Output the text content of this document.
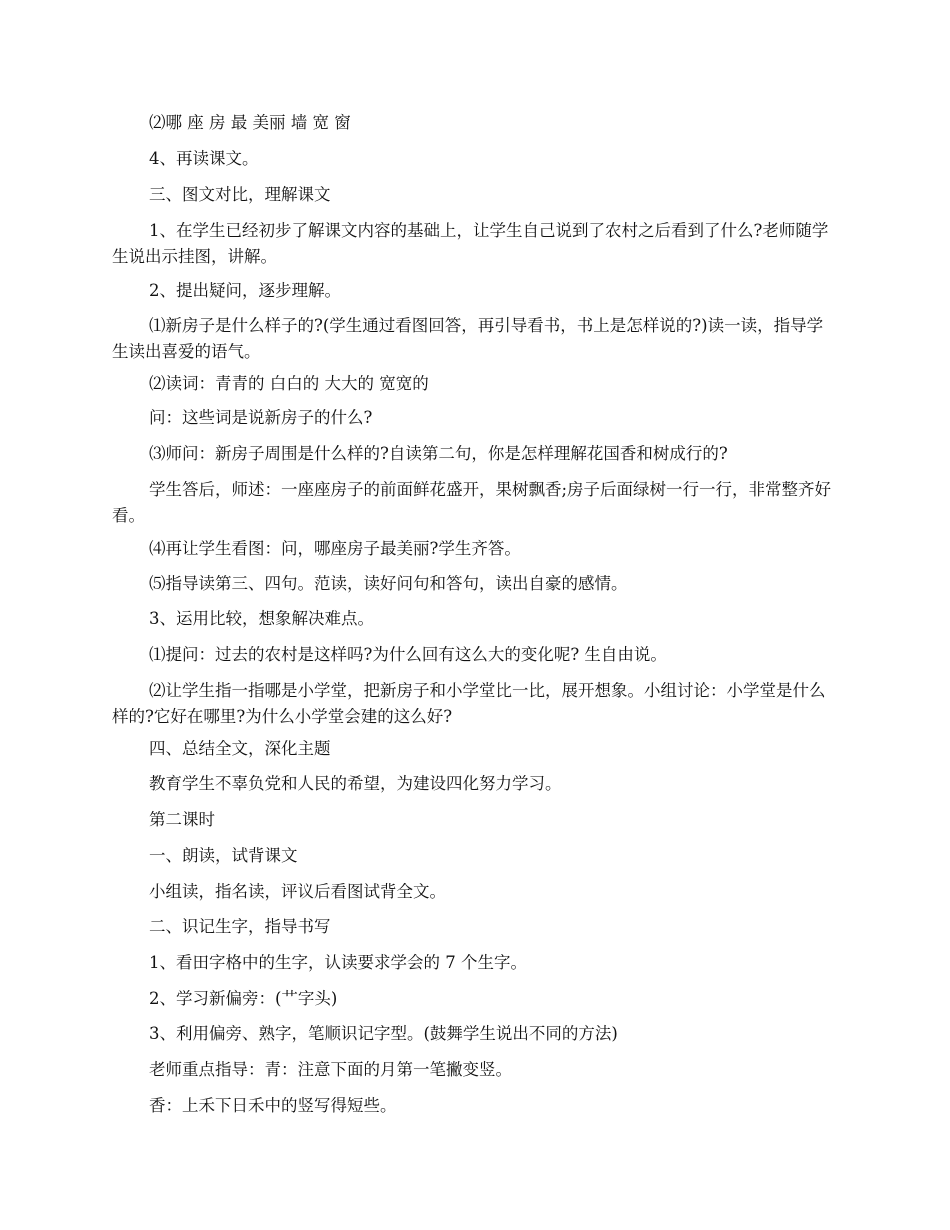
⑵哪 座 房 最 美丽 墙 宽 窗

4、再读课文。

三、图文对比，理解课文

1、在学生已经初步了解课文内容的基础上，让学生自己说到了农村之后看到了什么?老师随学生说出示挂图，讲解。

2、提出疑问，逐步理解。

⑴新房子是什么样子的?(学生通过看图回答，再引导看书，书上是怎样说的?)读一读，指导学生读出喜爱的语气。

⑵读词：青青的 白白的 大大的 宽宽的

问：这些词是说新房子的什么?

⑶师问：新房子周围是什么样的?自读第二句，你是怎样理解花国香和树成行的?

学生答后，师述：一座座房子的前面鲜花盛开，果树飘香;房子后面绿树一行一行，非常整齐好看。

⑷再让学生看图：问，哪座房子最美丽?学生齐答。

⑸指导读第三、四句。范读，读好问句和答句，读出自豪的感情。

3、运用比较，想象解决难点。

⑴提问：过去的农村是这样吗?为什么回有这么大的变化呢? 生自由说。

⑵让学生指一指哪是小学堂，把新房子和小学堂比一比，展开想象。小组讨论：小学堂是什么样的?它好在哪里?为什么小学堂会建的这么好?

四、总结全文，深化主题

教育学生不辜负党和人民的希望，为建设四化努力学习。

第二课时

一、朗读，试背课文

小组读，指名读，评议后看图试背全文。

二、识记生字，指导书写

1、看田字格中的生字，认读要求学会的 7 个生字。

2、学习新偏旁：(艹字头)

3、利用偏旁、熟字，笔顺识记字型。(鼓舞学生说出不同的方法)

老师重点指导：青：注意下面的月第一笔撇变竖。

香：上禾下日禾中的竖写得短些。
